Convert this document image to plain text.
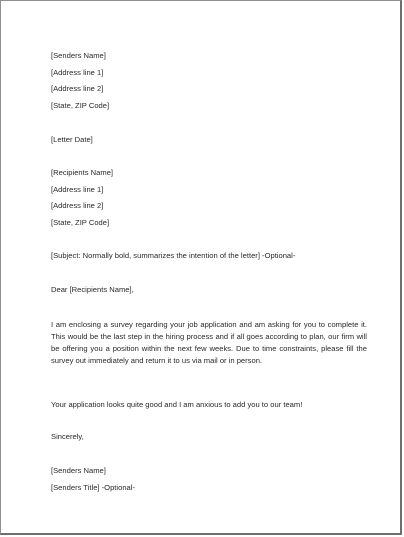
[Senders Name]
[Address line 1]
[Address line 2]
[State, ZIP Code]
[Letter Date]
[Recipients Name]
[Address line 1]
[Address line 2]
[State, ZIP Code]
[Subject: Normally bold, summarizes the intention of the letter] -Optional-
Dear [Recipients Name],
I am enclosing a survey regarding your job application and am asking for you to complete it. This would be the last step in the hiring process and if all goes according to plan, our firm will be offering you a position within the next few weeks. Due to time constraints, please fill the survey out immediately and return it to us via mail or in person.
Your application looks quite good and I am anxious to add you to our team!
Sincerely,
[Senders Name]
[Senders Title] -Optional-
